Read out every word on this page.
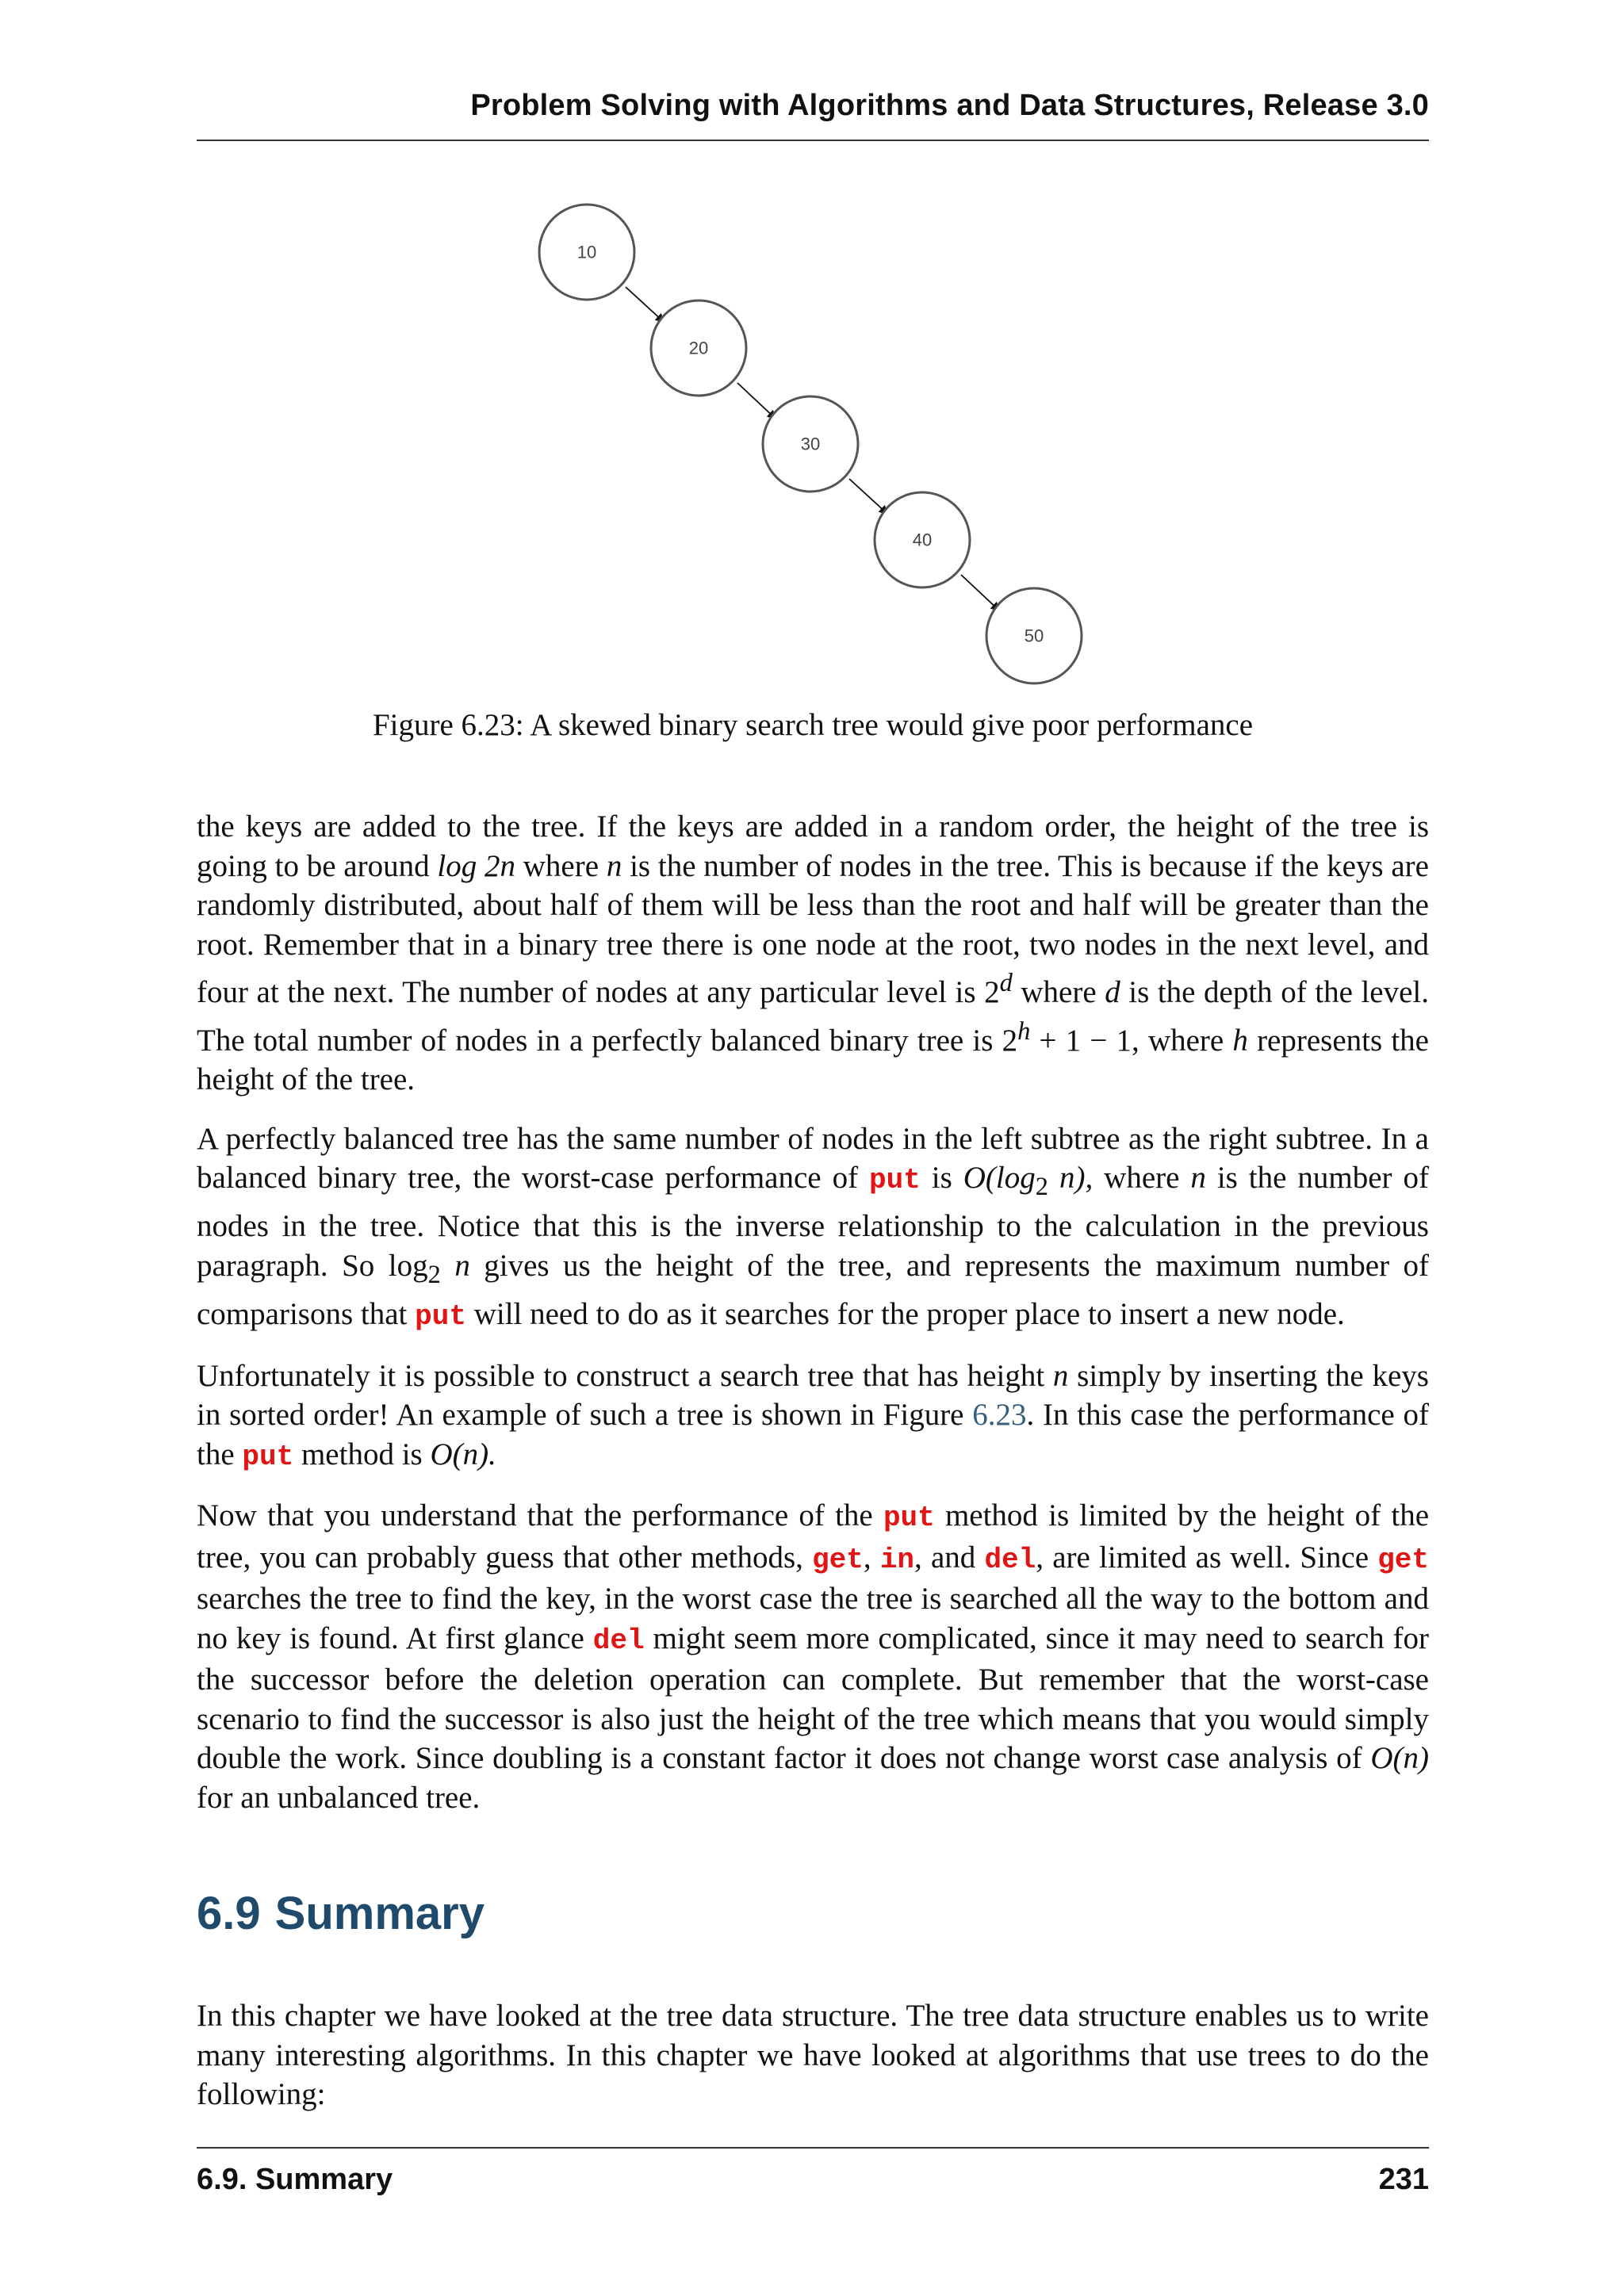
Problem Solving with Algorithms and Data Structures, Release 3.0
10
20
30
40
50
Figure 6.23: A skewed binary search tree would give poor performance

the keys are added to the tree. If the keys are added in a random order, the height of the tree is going to be around log 2n where n is the number of nodes in the tree. This is because if the keys are randomly distributed, about half of them will be less than the root and half will be greater than the root. Remember that in a binary tree there is one node at the root, two nodes in the next level, and four at the next. The number of nodes at any particular level is 2$^d$ where d is the depth of the level. The total number of nodes in a perfectly balanced binary tree is $2^h + 1 - 1$, where h represents the height of the tree.

A perfectly balanced tree has the same number of nodes in the left subtree as the right subtree. In a balanced binary tree, the worst-case performance of put is $O(\log_2$ n), where n is the number of nodes in the tree. Notice that this is the inverse relationship to the calculation in the previous paragraph. So $\log_2 n$ gives us the height of the tree, and represents the maximum number of comparisons that put will need to do as it searches for the proper place to insert a new node.

Unfortunately it is possible to construct a search tree that has height n simply by inserting the keys in sorted order! An example of such a tree is shown in Figure 6.23. In this case the performance of the put method is O(n).

Now that you understand that the performance of the put method is limited by the height of the tree, you can probably guess that other methods, get, in, and del, are limited as well. Since get searches the tree to find the key, in the worst case the tree is searched all the way to the bottom and no key is found. At first glance del might seem more complicated, since it may need to search for the successor before the deletion operation can complete. But remember that the worst-case scenario to find the successor is also just the height of the tree which means that you would simply double the work. Since doubling is a constant factor it does not change worst case analysis of O(n) for an unbalanced tree.

6.9 Summary

In this chapter we have looked at the tree data structure. The tree data structure enables us to write many interesting algorithms. In this chapter we have looked at algorithms that use trees to do the following:

6.9. Summary	231
